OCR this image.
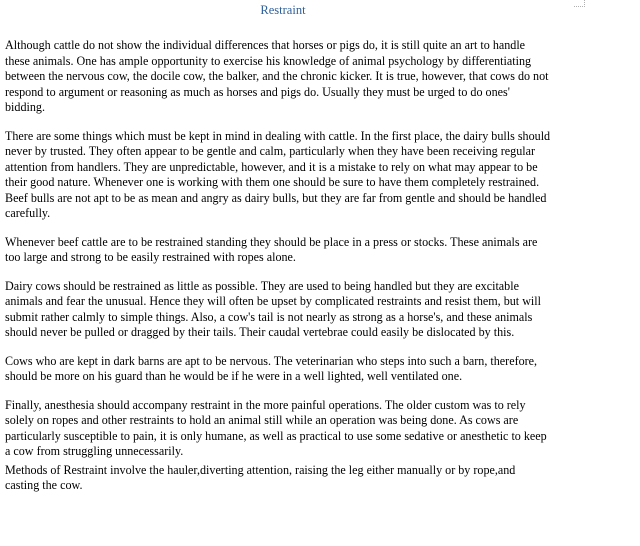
Restraint

Although cattle do not show the individual differences that horses or pigs do, it is still quite an art to handle these animals. One has ample opportunity to exercise his knowledge of animal psychology by differentiating between the nervous cow, the docile cow, the balker, and the chronic kicker. It is true, however, that cows do not respond to argument or reasoning as much as horses and pigs do. Usually they must be urged to do ones' bidding.

There are some things which must be kept in mind in dealing with cattle. In the first place, the dairy bulls should never by trusted. They often appear to be gentle and calm, particularly when they have been receiving regular attention from handlers. They are unpredictable, however, and it is a mistake to rely on what may appear to be their good nature. Whenever one is working with them one should be sure to have them completely restrained. Beef bulls are not apt to be as mean and angry as dairy bulls, but they are far from gentle and should be handled carefully.

Whenever beef cattle are to be restrained standing they should be place in a press or stocks. These animals are too large and strong to be easily restrained with ropes alone.

Dairy cows should be restrained as little as possible. They are used to being handled but they are excitable animals and fear the unusual. Hence they will often be upset by complicated restraints and resist them, but will submit rather calmly to simple things. Also, a cow's tail is not nearly as strong as a horse's, and these animals should never be pulled or dragged by their tails. Their caudal vertebrae could easily be dislocated by this.

Cows who are kept in dark barns are apt to be nervous. The veterinarian who steps into such a barn, therefore, should be more on his guard than he would be if he were in a well lighted, well ventilated one.

Finally, anesthesia should accompany restraint in the more painful operations. The older custom was to rely solely on ropes and other restraints to hold an animal still while an operation was being done. As cows are particularly susceptible to pain, it is only humane, as well as practical to use some sedative or anesthetic to keep a cow from struggling unnecessarily.

Methods of Restraint involve the hauler,diverting attention, raising the leg either manually or by rope,and casting the cow.
